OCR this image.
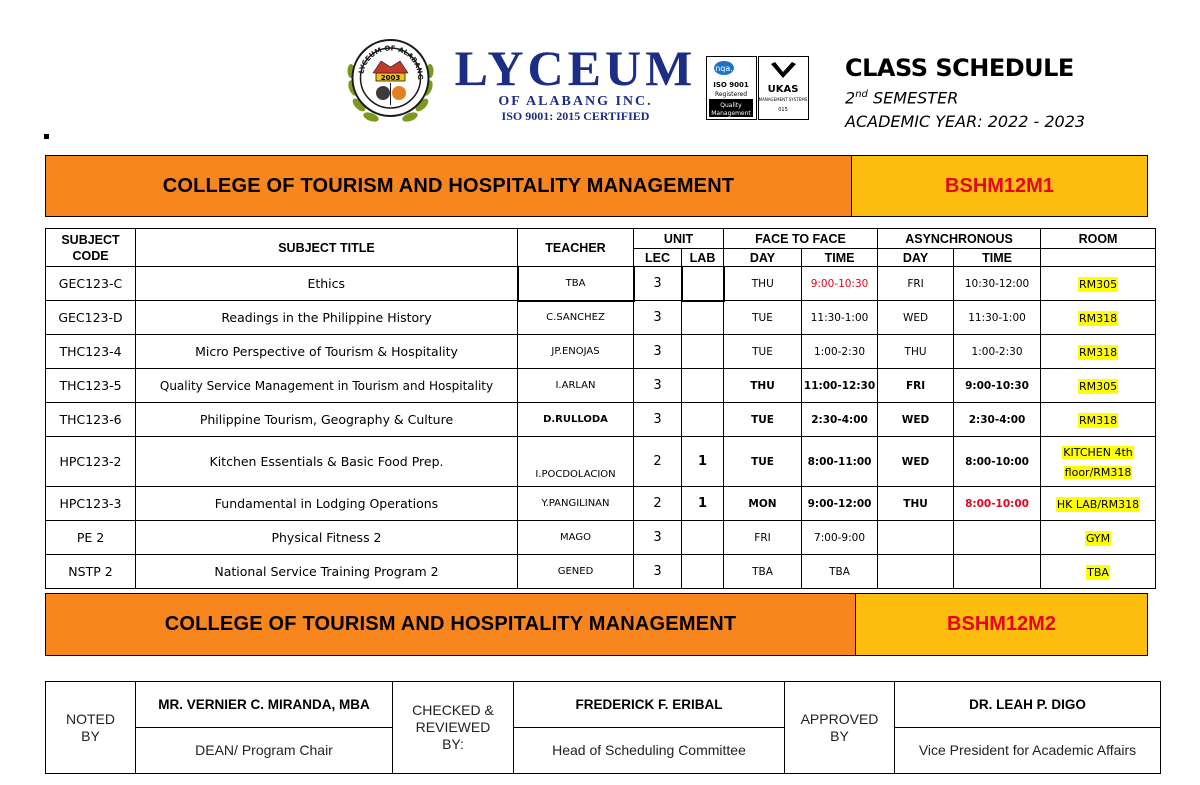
LYCEUM OF ALABANG
2003 LYCEUM
OF ALABANG INC.
ISO 9001: 2015 CERTIFIED
nqa.
ISO 9001
Registered
Quality
Management
UKAS
MANAGEMENT SYSTEMS
015
CLASS SCHEDULE
2nd SEMESTER
ACADEMIC YEAR: 2022 - 2023
COLLEGE OF TOURISM AND HOSPITALITY MANAGEMENT	BSHM12M1
SUBJECT CODE	SUBJECT TITLE	TEACHER	UNIT		FACE TO FACE		ASYNCHRONOUS		ROOM
			LEC	LAB	DAY	TIME	DAY	TIME	
GEC123-C	Ethics	TBA	3		THU	9:00-10:30	FRI	10:30-12:00	RM305
GEC123-D	Readings in the Philippine History	C.SANCHEZ	3		TUE	11:30-1:00	WED	11:30-1:00	RM318
THC123-4	Micro Perspective of Tourism & Hospitality	JP.ENOJAS	3		TUE	1:00-2:30	THU	1:00-2:30	RM318
THC123-5	Quality Service Management in Tourism and Hospitality	I.ARLAN	3		THU	11:00-12:30	FRI	9:00-10:30	RM305
THC123-6	Philippine Tourism, Geography & Culture	D.RULLODA	3		TUE	2:30-4:00	WED	2:30-4:00	RM318
HPC123-2	Kitchen Essentials & Basic Food Prep.	I.POCDOLACION	2	1	TUE	8:00-11:00	WED	8:00-10:00	KITCHEN 4th
floor/RM318
HPC123-3	Fundamental in Lodging Operations	Y.PANGILINAN	2	1	MON	9:00-12:00	THU	8:00-10:00	HK LAB/RM318
PE 2	Physical Fitness 2	MAGO	3		FRI	7:00-9:00			GYM
NSTP 2	National Service Training Program 2	GENED	3		TBA	TBA			TBA
COLLEGE OF TOURISM AND HOSPITALITY MANAGEMENT	BSHM12M2
NOTED BY	MR. VERNIER C. MIRANDA, MBA	CHECKED & REVIEWED BY:	FREDERICK F. ERIBAL	APPROVED BY	DR. LEAH P. DIGO
	DEAN/ Program Chair		Head of Scheduling Committee		Vice President for Academic Affairs
